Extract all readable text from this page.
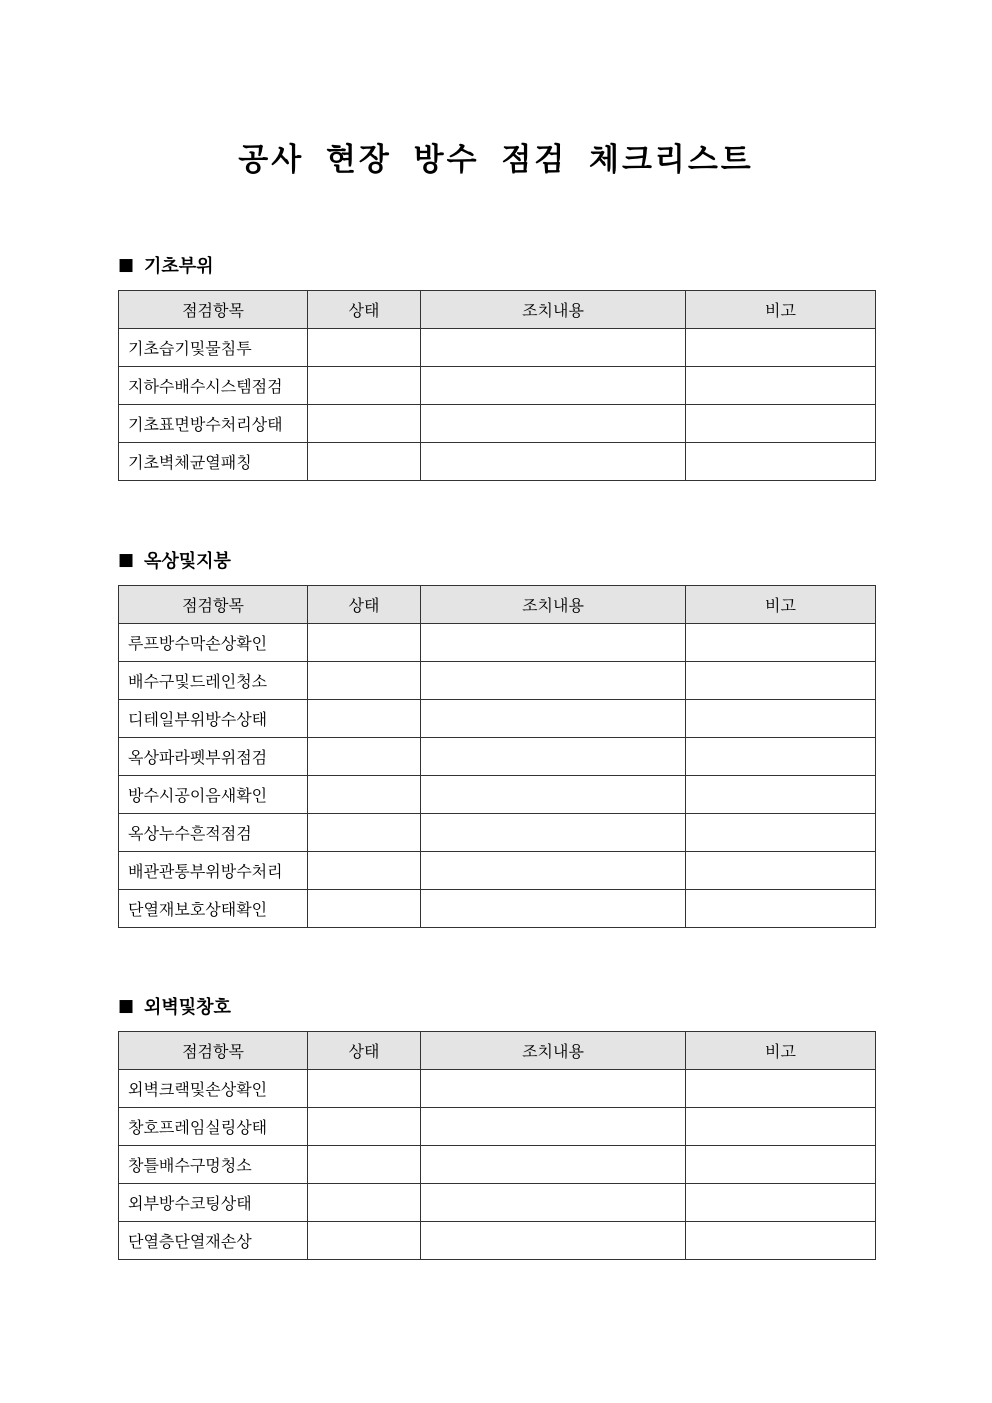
공사 현장 방수 점검 체크리스트
■ 기초부위
점검항목	상태	조치내용	비고
기초습기및물침투			
지하수배수시스템점검			
기초표면방수처리상태			
기초벽체균열패칭			
■ 옥상및지붕
점검항목	상태	조치내용	비고
루프방수막손상확인			
배수구및드레인청소			
디테일부위방수상태			
옥상파라펫부위점검			
방수시공이음새확인			
옥상누수흔적점검			
배관관통부위방수처리			
단열재보호상태확인			
■ 외벽및창호
점검항목	상태	조치내용	비고
외벽크랙및손상확인			
창호프레임실링상태			
창틀배수구멍청소			
외부방수코팅상태			
단열층단열재손상			
